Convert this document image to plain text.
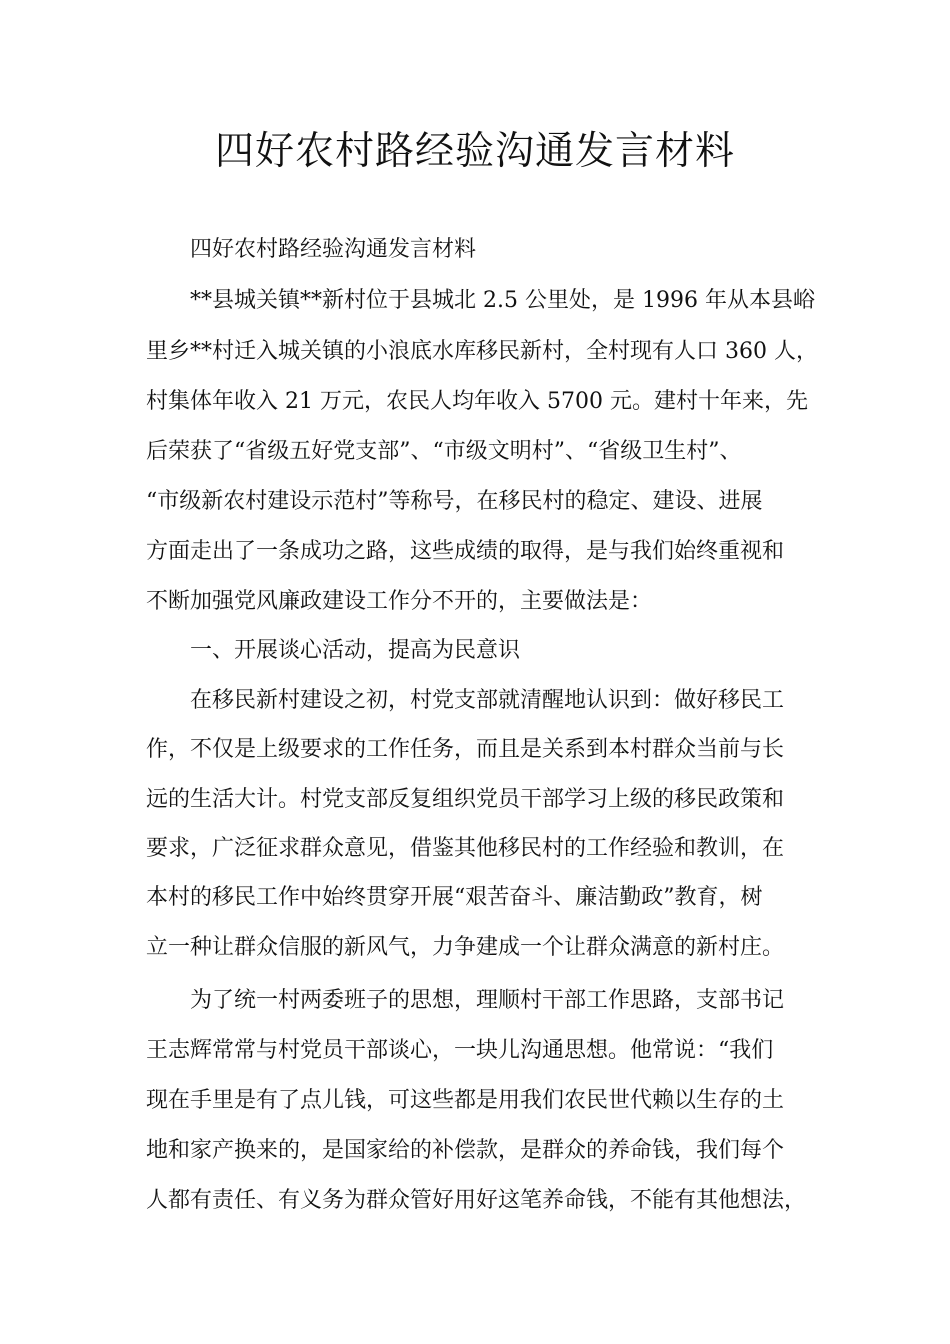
四好农村路经验沟通发言材料
四好农村路经验沟通发言材料
**县城关镇**新村位于县城北 2.5 公里处，是 1996 年从本县峪
里乡**村迁入城关镇的小浪底水库移民新村，全村现有人口 360 人，
村集体年收入 21 万元，农民人均年收入 5700 元。建村十年来，先
后荣获了“省级五好党支部”、“市级文明村”、“省级卫生村”、
“市级新农村建设示范村”等称号，在移民村的稳定、建设、进展
方面走出了一条成功之路，这些成绩的取得，是与我们始终重视和
不断加强党风廉政建设工作分不开的，主要做法是：
一、开展谈心活动，提高为民意识
在移民新村建设之初，村党支部就清醒地认识到：做好移民工
作，不仅是上级要求的工作任务，而且是关系到本村群众当前与长
远的生活大计。村党支部反复组织党员干部学习上级的移民政策和
要求，广泛征求群众意见，借鉴其他移民村的工作经验和教训，在
本村的移民工作中始终贯穿开展“艰苦奋斗、廉洁勤政”教育，树
立一种让群众信服的新风气，力争建成一个让群众满意的新村庄。
为了统一村两委班子的思想，理顺村干部工作思路，支部书记
王志辉常常与村党员干部谈心，一块儿沟通思想。他常说：“我们
现在手里是有了点儿钱，可这些都是用我们农民世代赖以生存的土
地和家产换来的，是国家给的补偿款，是群众的养命钱，我们每个
人都有责任、有义务为群众管好用好这笔养命钱，不能有其他想法，
